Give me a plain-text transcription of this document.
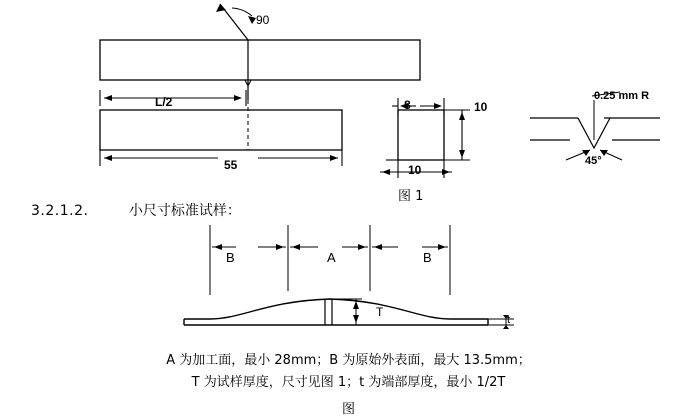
90
L/2
55
8	10
10
0.25 mm R
45°
图 1
3.2.1.2.	小尺寸标准试样：
B	A	B
T
t
A 为加工面，最小 28mm；B 为原始外表面，最大 13.5mm；
T 为试样厚度，尺寸见图 1；t 为端部厚度，最小 1/2T
图
